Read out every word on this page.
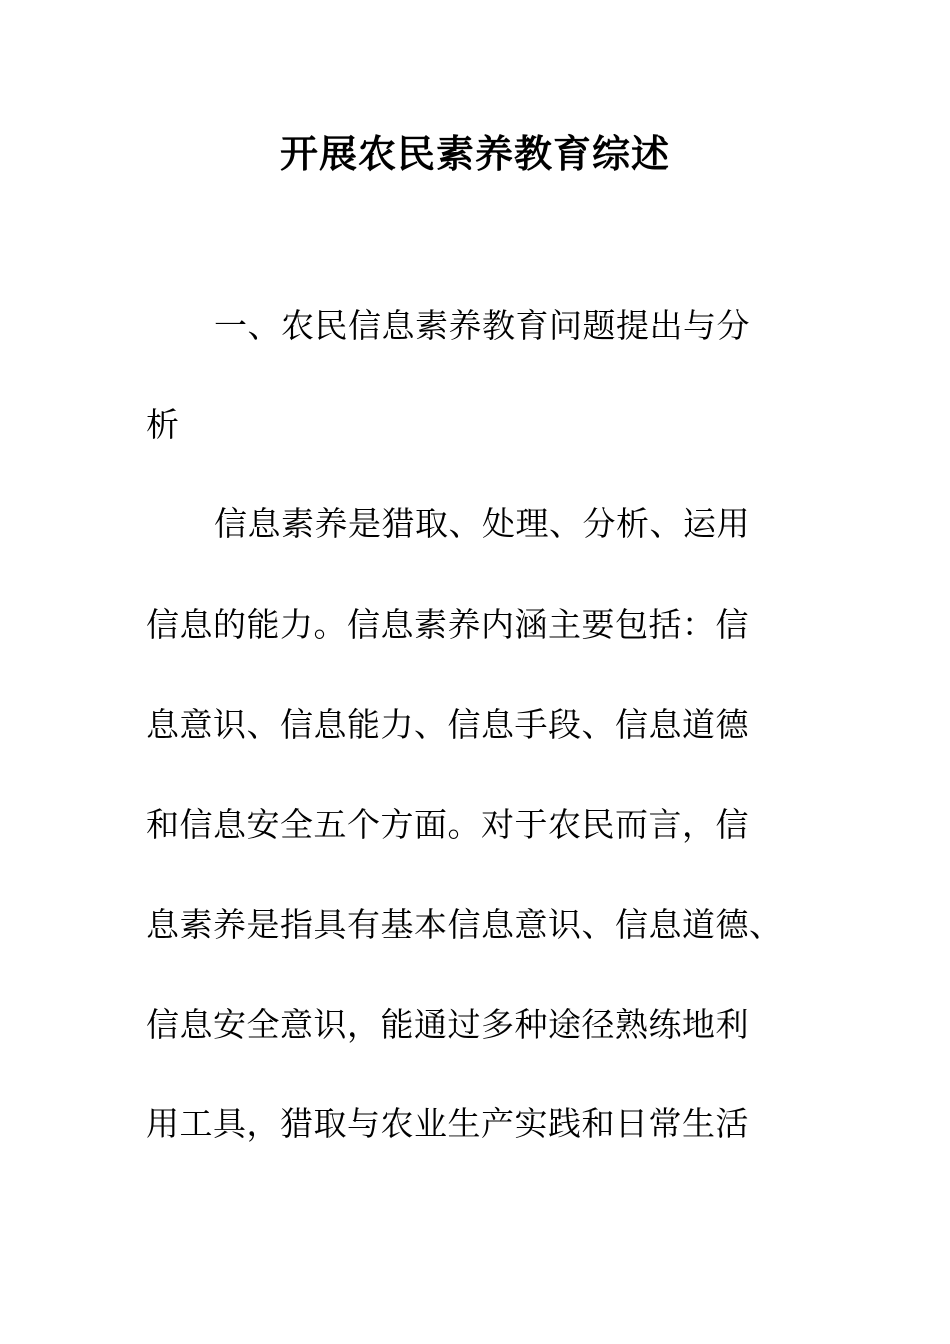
开展农民素养教育综述
一、农民信息素养教育问题提出与分
析
信息素养是猎取、处理、分析、运用
信息的能力。信息素养内涵主要包括：信
息意识、信息能力、信息手段、信息道德
和信息安全五个方面。对于农民而言，信
息素养是指具有基本信息意识、信息道德、
信息安全意识，能通过多种途径熟练地利
用工具，猎取与农业生产实践和日常生活
